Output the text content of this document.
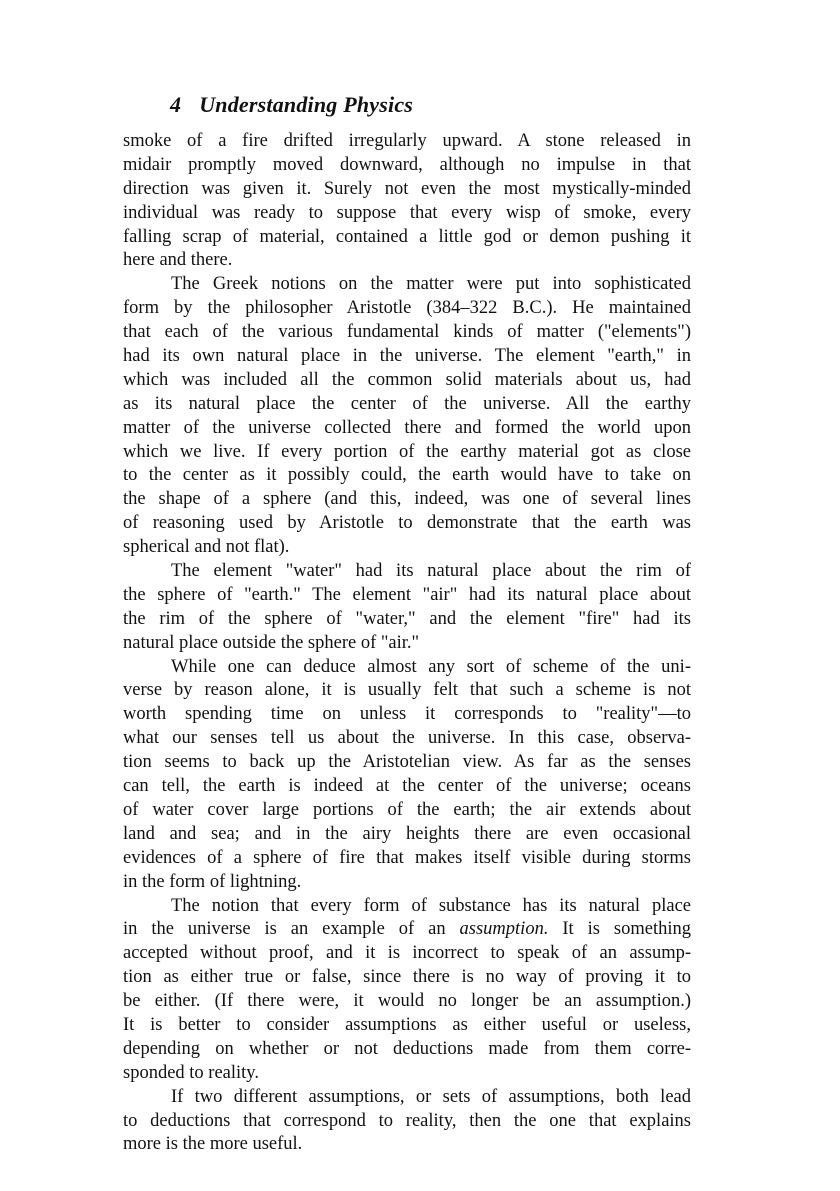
4 Understanding Physics
smoke of a fire drifted irregularly upward. A stone released in
midair promptly moved downward, although no impulse in that
direction was given it. Surely not even the most mystically-minded
individual was ready to suppose that every wisp of smoke, every
falling scrap of material, contained a little god or demon pushing it
here and there.
The Greek notions on the matter were put into sophisticated
form by the philosopher Aristotle (384–322 B.C.). He maintained
that each of the various fundamental kinds of matter ("elements")
had its own natural place in the universe. The element "earth," in
which was included all the common solid materials about us, had
as its natural place the center of the universe. All the earthy
matter of the universe collected there and formed the world upon
which we live. If every portion of the earthy material got as close
to the center as it possibly could, the earth would have to take on
the shape of a sphere (and this, indeed, was one of several lines
of reasoning used by Aristotle to demonstrate that the earth was
spherical and not flat).
The element "water" had its natural place about the rim of
the sphere of "earth." The element "air" had its natural place about
the rim of the sphere of "water," and the element "fire" had its
natural place outside the sphere of "air."
While one can deduce almost any sort of scheme of the uni-
verse by reason alone, it is usually felt that such a scheme is not
worth spending time on unless it corresponds to "reality"—to
what our senses tell us about the universe. In this case, observa-
tion seems to back up the Aristotelian view. As far as the senses
can tell, the earth is indeed at the center of the universe; oceans
of water cover large portions of the earth; the air extends about
land and sea; and in the airy heights there are even occasional
evidences of a sphere of fire that makes itself visible during storms
in the form of lightning.
The notion that every form of substance has its natural place
in the universe is an example of an assumption. It is something
accepted without proof, and it is incorrect to speak of an assump-
tion as either true or false, since there is no way of proving it to
be either. (If there were, it would no longer be an assumption.)
It is better to consider assumptions as either useful or useless,
depending on whether or not deductions made from them corre-
sponded to reality.
If two different assumptions, or sets of assumptions, both lead
to deductions that correspond to reality, then the one that explains
more is the more useful.
